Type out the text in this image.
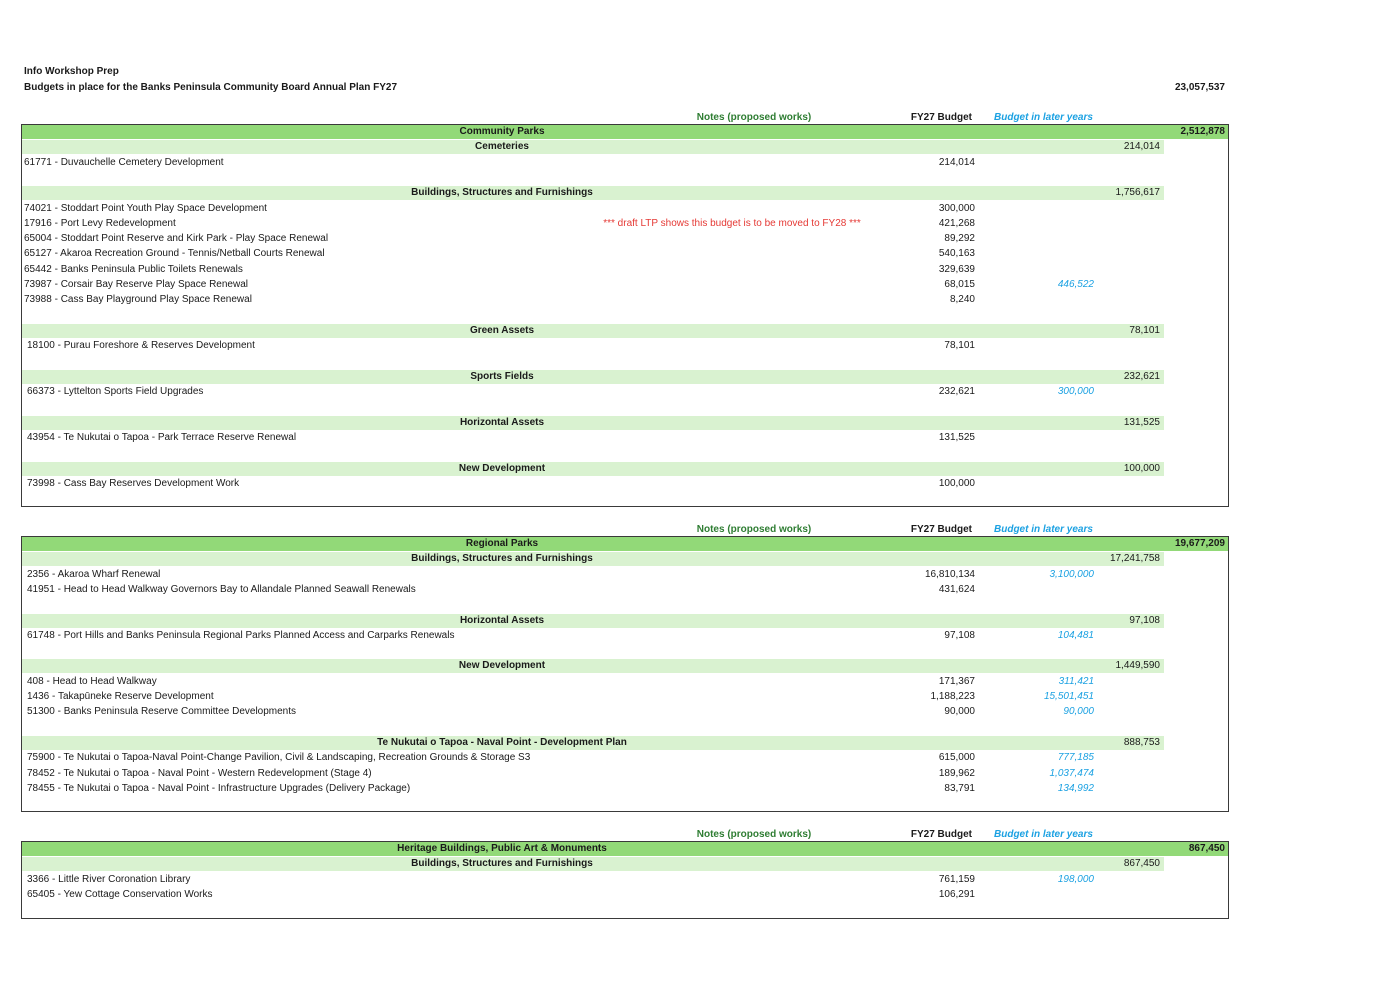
Info Workshop Prep
Budgets in place for the Banks Peninsula Community Board Annual Plan FY27	23,057,537
Notes (proposed works)	FY27 Budget Budget in later years
Community Parks	2,512,878
Cemeteries	214,014
61771 - Duvauchelle Cemetery Development	214,014
Buildings, Structures and Furnishings	1,756,617
74021 - Stoddart Point Youth Play Space Development	300,000
17916 - Port Levy Redevelopment	*** draft LTP shows this budget is to be moved to FY28 ***	421,268
65004 - Stoddart Point Reserve and Kirk Park - Play Space Renewal	89,292
65127 - Akaroa Recreation Ground - Tennis/Netball Courts Renewal	540,163
65442 - Banks Peninsula Public Toilets Renewals	329,639
73987 - Corsair Bay Reserve Play Space Renewal	68,015	446,522
73988 - Cass Bay Playground Play Space Renewal	8,240
Green Assets	78,101
18100 - Purau Foreshore & Reserves Development	78,101
Sports Fields	232,621
66373 - Lyttelton Sports Field Upgrades	232,621	300,000
Horizontal Assets	131,525
43954 - Te Nukutai o Tapoa - Park Terrace Reserve Renewal	131,525
New Development	100,000
73998 - Cass Bay Reserves Development Work	100,000
Notes (proposed works)	FY27 Budget Budget in later years
Regional Parks	19,677,209
Buildings, Structures and Furnishings	17,241,758
2356 - Akaroa Wharf Renewal	16,810,134	3,100,000
41951 - Head to Head Walkway Governors Bay to Allandale Planned Seawall Renewals	431,624
Horizontal Assets	97,108
61748 - Port Hills and Banks Peninsula Regional Parks Planned Access and Carparks Renewals	97,108	104,481
New Development	1,449,590
408 - Head to Head Walkway	171,367	311,421
1436 - Takapūneke Reserve Development	1,188,223	15,501,451
51300 - Banks Peninsula Reserve Committee Developments	90,000	90,000
Te Nukutai o Tapoa - Naval Point - Development Plan	888,753
75900 - Te Nukutai o Tapoa-Naval Point-Change Pavilion, Civil & Landscaping, Recreation Grounds & Storage S3	615,000	777,185
78452 - Te Nukutai o Tapoa - Naval Point - Western Redevelopment (Stage 4)	189,962	1,037,474
78455 - Te Nukutai o Tapoa - Naval Point - Infrastructure Upgrades (Delivery Package)	83,791	134,992
Notes (proposed works)	FY27 Budget Budget in later years
Heritage Buildings, Public Art & Monuments	867,450
Buildings, Structures and Furnishings	867,450
3366 - Little River Coronation Library	761,159	198,000
65405 - Yew Cottage Conservation Works	106,291
